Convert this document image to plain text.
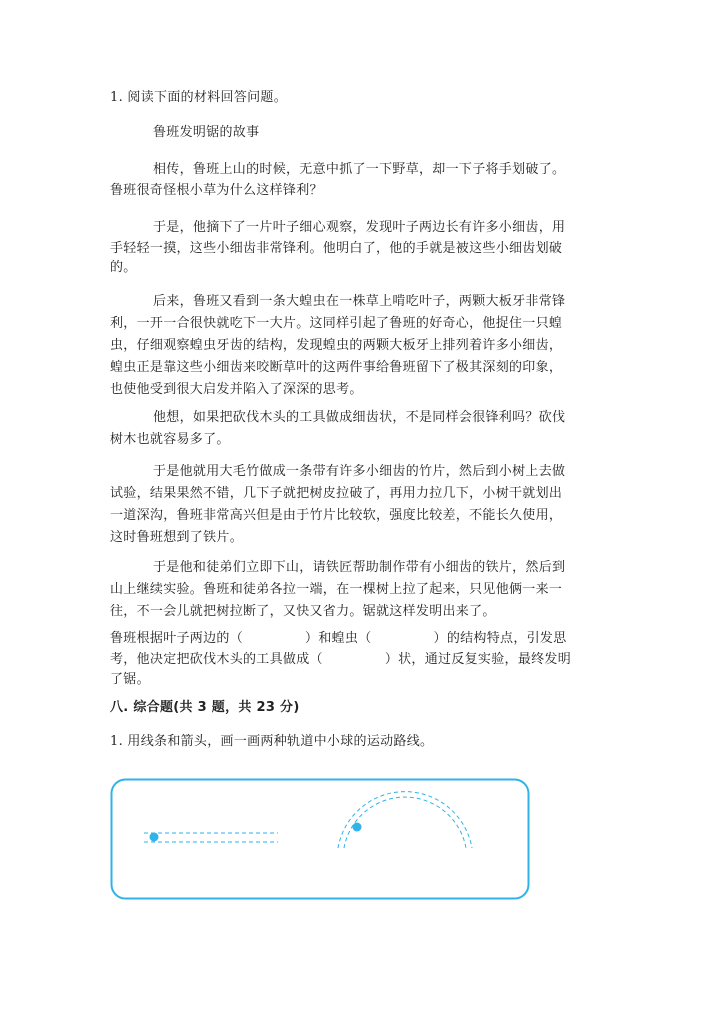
1. 阅读下面的材料回答问题。
鲁班发明锯的故事
相传，鲁班上山的时候，无意中抓了一下野草，却一下子将手划破了。
鲁班很奇怪根小草为什么这样锋利？
于是，他摘下了一片叶子细心观察，发现叶子两边长有许多小细齿，用
手轻轻一摸，这些小细齿非常锋利。他明白了，他的手就是被这些小细齿划破
的。
后来，鲁班又看到一条大蝗虫在一株草上啃吃叶子，两颗大板牙非常锋
利，一开一合很快就吃下一大片。这同样引起了鲁班的好奇心，他捉住一只蝗
虫，仔细观察蝗虫牙齿的结构，发现蝗虫的两颗大板牙上排列着许多小细齿，
蝗虫正是靠这些小细齿来咬断草叶的这两件事给鲁班留下了极其深刻的印象，
也使他受到很大启发并陷入了深深的思考。
他想，如果把砍伐木头的工具做成细齿状，不是同样会很锋利吗？砍伐
树木也就容易多了。
于是他就用大毛竹做成一条带有许多小细齿的竹片，然后到小树上去做
试验，结果果然不错，几下子就把树皮拉破了，再用力拉几下，小树干就划出
一道深沟，鲁班非常高兴但是由于竹片比较软，强度比较差，不能长久使用，
这时鲁班想到了铁片。
于是他和徒弟们立即下山，请铁匠帮助制作带有小细齿的铁片，然后到
山上继续实验。鲁班和徒弟各拉一端，在一棵树上拉了起来，只见他俩一来一
往，不一会儿就把树拉断了，又快又省力。锯就这样发明出来了。
鲁班根据叶子两边的（	）和蝗虫（	）的结构特点，引发思
考，他决定把砍伐木头的工具做成（	）状，通过反复实验，最终发明
了锯。
八. 综合题(共 3 题，共 23 分)
1. 用线条和箭头，画一画两种轨道中小球的运动路线。
